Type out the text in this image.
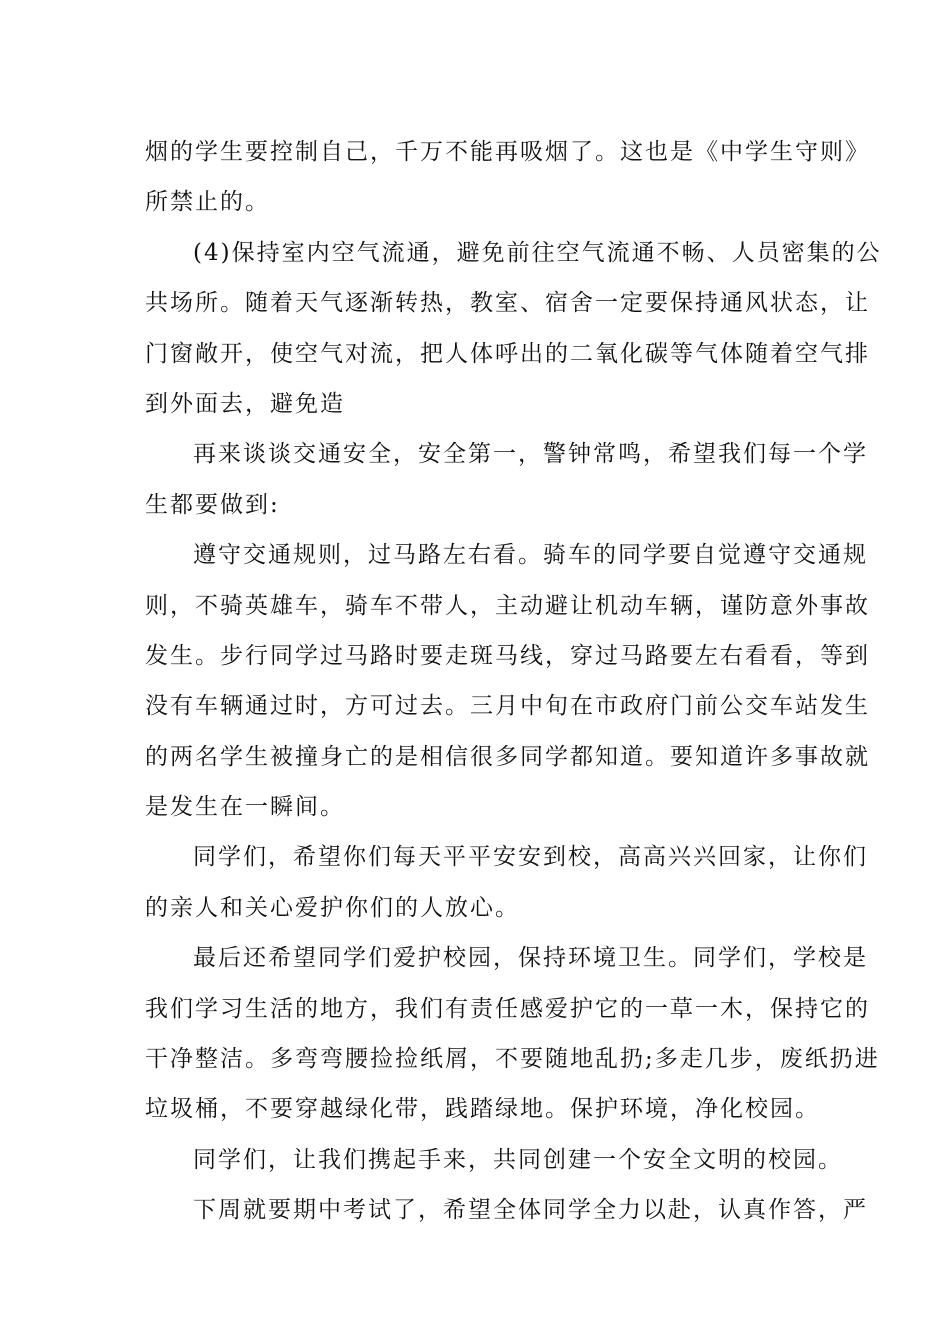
烟的学生要控制自己，千万不能再吸烟了。这也是《中学生守则》
所禁止的。
(4)保持室内空气流通，避免前往空气流通不畅、人员密集的公
共场所。随着天气逐渐转热，教室、宿舍一定要保持通风状态，让
门窗敞开，使空气对流，把人体呼出的二氧化碳等气体随着空气排
到外面去，避免造
再来谈谈交通安全，安全第一，警钟常鸣，希望我们每一个学
生都要做到:
遵守交通规则，过马路左右看。骑车的同学要自觉遵守交通规
则，不骑英雄车，骑车不带人，主动避让机动车辆，谨防意外事故
发生。步行同学过马路时要走斑马线，穿过马路要左右看看，等到
没有车辆通过时，方可过去。三月中旬在市政府门前公交车站发生
的两名学生被撞身亡的是相信很多同学都知道。要知道许多事故就
是发生在一瞬间。
同学们，希望你们每天平平安安到校，高高兴兴回家，让你们
的亲人和关心爱护你们的人放心。
最后还希望同学们爱护校园，保持环境卫生。同学们，学校是
我们学习生活的地方，我们有责任感爱护它的一草一木，保持它的
干净整洁。多弯弯腰捡捡纸屑，不要随地乱扔;多走几步，废纸扔进
垃圾桶，不要穿越绿化带，践踏绿地。保护环境，净化校园。
同学们，让我们携起手来，共同创建一个安全文明的校园。
下周就要期中考试了，希望全体同学全力以赴，认真作答，严
